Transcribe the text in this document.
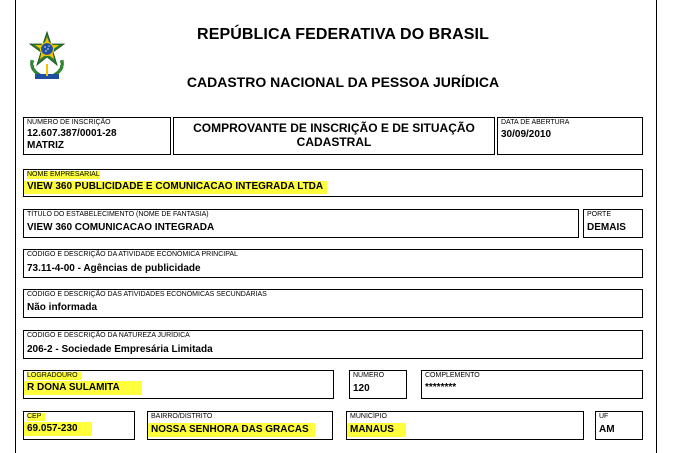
REPÚBLICA FEDERATIVA DO BRASIL
CADASTRO NACIONAL DA PESSOA JURÍDICA
NÚMERO DE INSCRIÇÃO
12.607.387/0001-28
MATRIZ
COMPROVANTE DE INSCRIÇÃO E DE SITUAÇÃO
CADASTRAL
DATA DE ABERTURA
30/09/2010
NOME EMPRESARIAL
VIEW 360 PUBLICIDADE E COMUNICACAO INTEGRADA LTDA
TÍTULO DO ESTABELECIMENTO (NOME DE FANTASIA)
VIEW 360 COMUNICACAO INTEGRADA
PORTE
DEMAIS
CÓDIGO E DESCRIÇÃO DA ATIVIDADE ECONÔMICA PRINCIPAL
73.11-4-00 - Agências de publicidade
CÓDIGO E DESCRIÇÃO DAS ATIVIDADES ECONÔMICAS SECUNDÁRIAS
Não informada
CÓDIGO E DESCRIÇÃO DA NATUREZA JURÍDICA
206-2 - Sociedade Empresária Limitada
LOGRADOURO
R DONA SULAMITA
NÚMERO
120
COMPLEMENTO
********
CEP
69.057-230
BAIRRO/DISTRITO
NOSSA SENHORA DAS GRACAS
MUNICÍPIO
MANAUS
UF
AM
